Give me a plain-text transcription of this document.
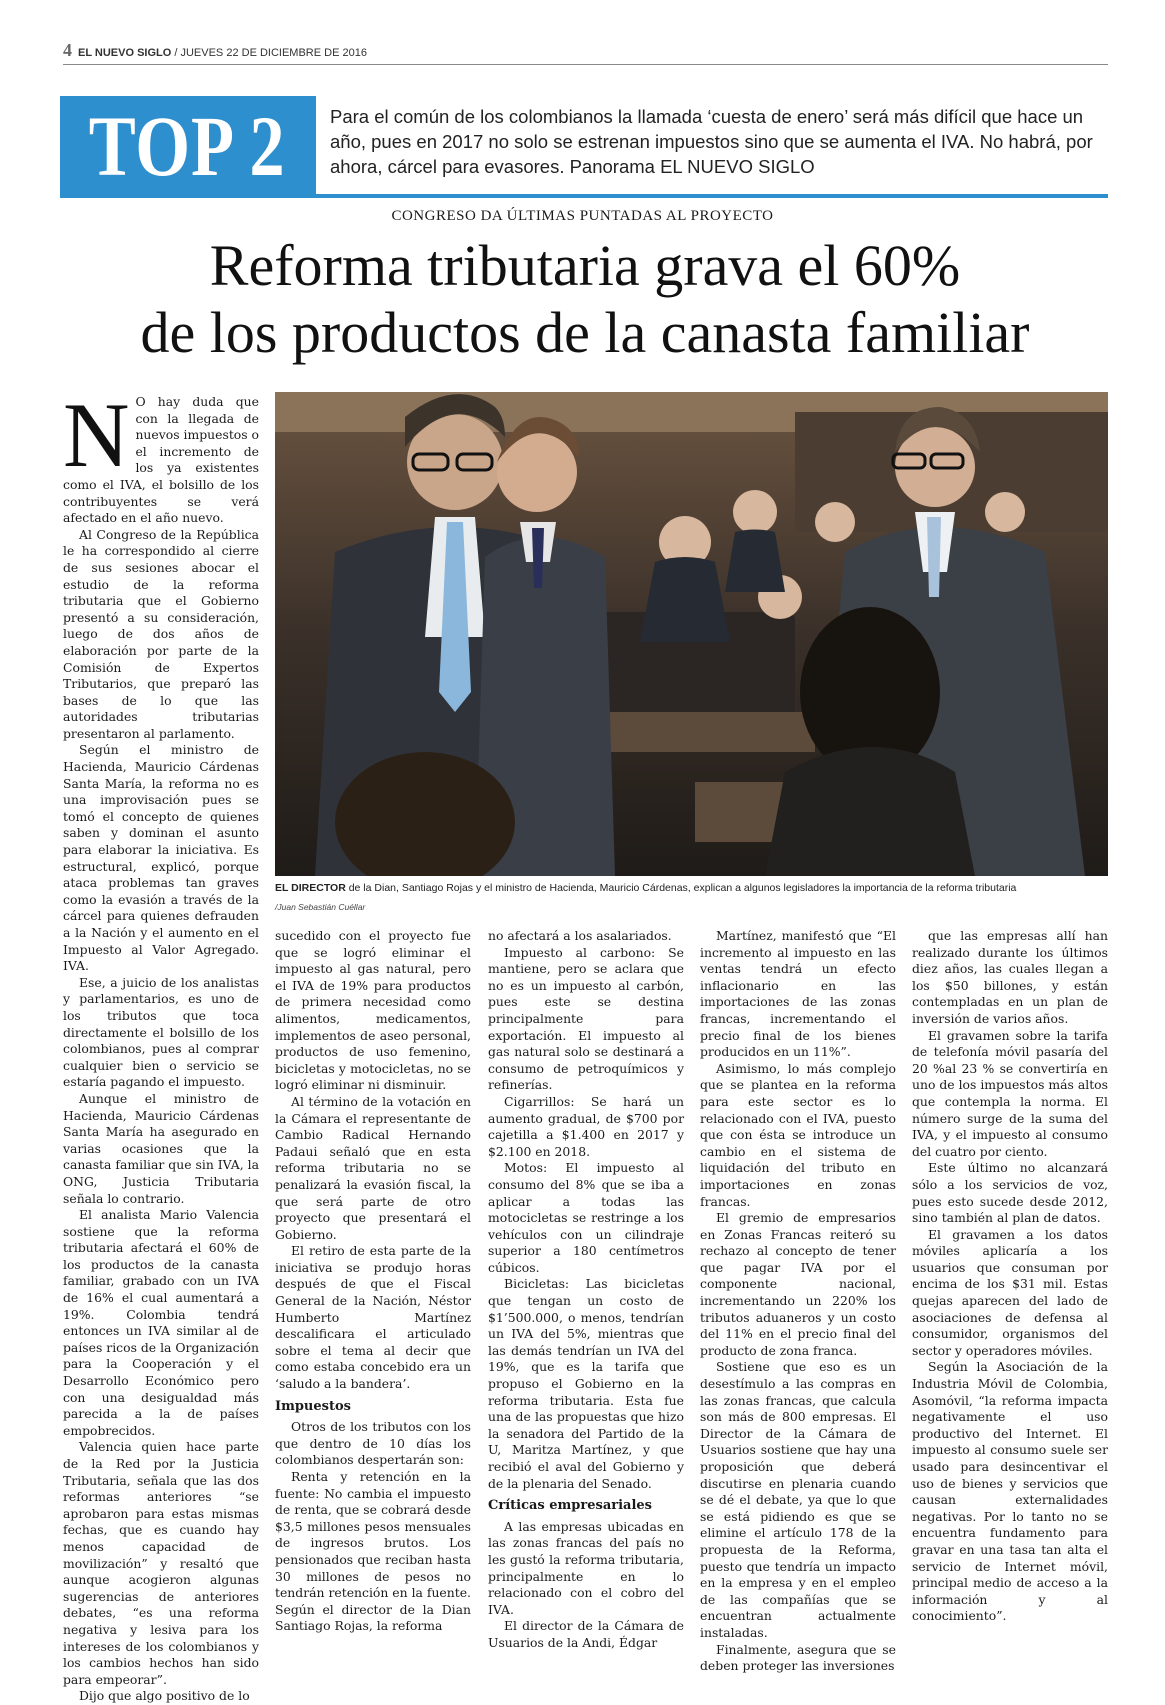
4 EL NUEVO SIGLO / JUEVES 22 DE DICIEMBRE DE 2016
TOP 2	Para el común de los colombianos la llamada ‘cuesta de enero’ será más difícil que hace un año, pues en 2017 no solo se estrenan impuestos sino que se aumenta el IVA. No habrá, por ahora, cárcel para evasores. Panorama EL NUEVO SIGLO
CONGRESO DA ÚLTIMAS PUNTADAS AL PROYECTO
Reforma tributaria grava el 60%
de los productos de la canasta familiar
EL DIRECTOR de la Dian, Santiago Rojas y el ministro de Hacienda, Mauricio Cárdenas, explican a algunos legisladores la importancia de la reforma tributaria
/Juan Sebastián Cuéllar
N O hay duda que con la llegada de nuevos impuestos o el incremento de los ya existentes como el IVA, el bolsillo de los contribuyentes se verá afectado en el año nuevo.

Al Congreso de la República le ha correspondido al cierre de sus sesiones abocar el estudio de la reforma tributaria que el Gobierno presentó a su consideración, luego de dos años de elaboración por parte de la Comisión de Expertos Tributarios, que preparó las bases de lo que las autoridades tributarias presentaron al parlamento.

Según el ministro de Hacienda, Mauricio Cárdenas Santa María, la reforma no es una improvisación pues se tomó el concepto de quienes saben y dominan el asunto para elaborar la iniciativa. Es estructural, explicó, porque ataca problemas tan graves como la evasión a través de la cárcel para quienes defrauden a la Nación y el aumento en el Impuesto al Valor Agregado. IVA.

Ese, a juicio de los analistas y parlamentarios, es uno de los tributos que toca directamente el bolsillo de los colombianos, pues al comprar cualquier bien o servicio se estaría pagando el impuesto.

Aunque el ministro de Hacienda, Mauricio Cárdenas Santa María ha asegurado en varias ocasiones que la canasta familiar que sin IVA, la ONG, Justicia Tributaria señala lo contrario.

El analista Mario Valencia sostiene que la reforma tributaria afectará el 60% de los productos de la canasta familiar, grabado con un IVA de 16% el cual aumentará a 19%. Colombia tendrá entonces un IVA similar al de países ricos de la Organización para la Cooperación y el Desarrollo Económico pero con una desigualdad más parecida a la de países empobrecidos.

Valencia quien hace parte de la Red por la Justicia Tributaria, señala que las dos reformas anteriores “se aprobaron para estas mismas fechas, que es cuando hay menos capacidad de movilización” y resaltó que aunque acogieron algunas sugerencias de anteriores debates, “es una reforma negativa y lesiva para los intereses de los colombianos y los cambios hechos han sido para empeorar”.

Dijo que algo positivo de lo

sucedido con el proyecto fue que se logró eliminar el impuesto al gas natural, pero el IVA de 19% para productos de primera necesidad como alimentos, medicamentos, implementos de aseo personal, productos de uso femenino, bicicletas y motocicletas, no se logró eliminar ni disminuir.

Al término de la votación en la Cámara el representante de Cambio Radical Hernando Padaui señaló que en esta reforma tributaria no se penalizará la evasión fiscal, la que será parte de otro proyecto que presentará el Gobierno.

El retiro de esta parte de la iniciativa se produjo horas después de que el Fiscal General de la Nación, Néstor Humberto Martínez descalificara el articulado sobre el tema al decir que como estaba concebido era un ‘saludo a la bandera’.

Impuestos

Otros de los tributos con los que dentro de 10 días los colombianos despertarán son:

Renta y retención en la fuente: No cambia el impuesto de renta, que se cobrará desde $3,5 millones pesos mensuales de ingresos brutos. Los pensionados que reciban hasta 30 millones de pesos no tendrán retención en la fuente. Según el director de la Dian Santiago Rojas, la reforma

no afectará a los asalariados.

Impuesto al carbono: Se mantiene, pero se aclara que no es un impuesto al carbón, pues este se destina principalmente para exportación. El impuesto al gas natural solo se destinará a consumo de petroquímicos y refinerías.

Cigarrillos: Se hará un aumento gradual, de $700 por cajetilla a $1.400 en 2017 y $2.100 en 2018.

Motos: El impuesto al consumo del 8% que se iba a aplicar a todas las motocicletas se restringe a los vehículos con un cilindraje superior a 180 centímetros cúbicos.

Bicicletas: Las bicicletas que tengan un costo de $1’500.000, o menos, tendrían un IVA del 5%, mientras que las demás tendrían un IVA del 19%, que es la tarifa que propuso el Gobierno en la reforma tributaria. Esta fue una de las propuestas que hizo la senadora del Partido de la U, Maritza Martínez, y que recibió el aval del Gobierno y de la plenaria del Senado.

Críticas empresariales

A las empresas ubicadas en las zonas francas del país no les gustó la reforma tributaria, principalmente en lo relacionado con el cobro del IVA.

El director de la Cámara de Usuarios de la Andi, Édgar

Martínez, manifestó que “El incremento al impuesto en las ventas tendrá un efecto inflacionario en las importaciones de las zonas francas, incrementando el precio final de los bienes producidos en un 11%”.

Asimismo, lo más complejo que se plantea en la reforma para este sector es lo relacionado con el IVA, puesto que con ésta se introduce un cambio en el sistema de liquidación del tributo en importaciones en zonas francas.

El gremio de empresarios en Zonas Francas reiteró su rechazo al concepto de tener que pagar IVA por el componente nacional, incrementando un 220% los tributos aduaneros y un costo del 11% en el precio final del producto de zona franca.

Sostiene que eso es un desestímulo a las compras en las zonas francas, que calcula son más de 800 empresas. El Director de la Cámara de Usuarios sostiene que hay una proposición que deberá discutirse en plenaria cuando se dé el debate, ya que lo que se está pidiendo es que se elimine el artículo 178 de la propuesta de la Reforma, puesto que tendría un impacto en la empresa y en el empleo de las compañías que se encuentran actualmente instaladas.

Finalmente, asegura que se deben proteger las inversiones

que las empresas allí han realizado durante los últimos diez años, las cuales llegan a los $50 billones, y están contempladas en un plan de inversión de varios años.

El gravamen sobre la tarifa de telefonía móvil pasaría del 20 %al 23 % se convertiría en uno de los impuestos más altos que contempla la norma. El número surge de la suma del IVA, y el impuesto al consumo del cuatro por ciento.

Este último no alcanzará sólo a los servicios de voz, pues esto sucede desde 2012, sino también al plan de datos.

El gravamen a los datos móviles aplicaría a los usuarios que consuman por encima de los $31 mil. Estas quejas aparecen del lado de asociaciones de defensa al consumidor, organismos del sector y operadores móviles.

Según la Asociación de la Industria Móvil de Colombia, Asomóvil, “la reforma impacta negativamente el uso productivo del Internet. El impuesto al consumo suele ser usado para desincentivar el uso de bienes y servicios que causan externalidades negativas. Por lo tanto no se encuentra fundamento para gravar en una tasa tan alta el servicio de Internet móvil, principal medio de acceso a la información y al conocimiento”.
